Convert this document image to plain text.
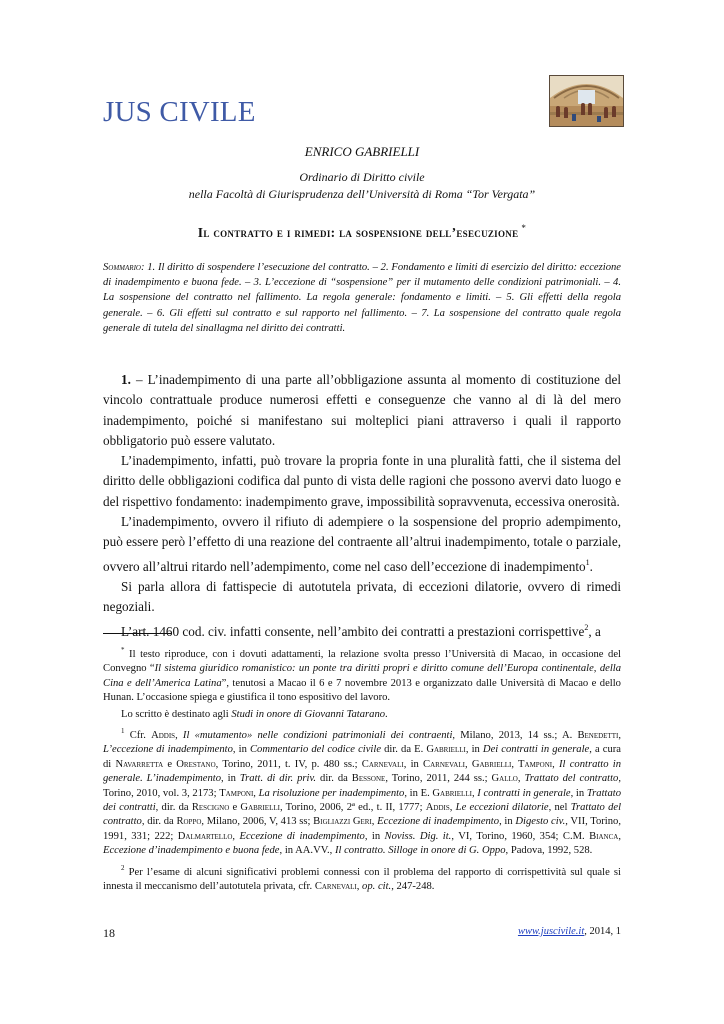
JUS CIVILE
ENRICO GABRIELLI
Ordinario di Diritto civile
nella Facoltà di Giurisprudenza dell’Università di Roma “Tor Vergata”
Il contratto e i rimedi: la sospensione dell’esecuzione *
Sommario: 1. Il diritto di sospendere l’esecuzione del contratto. – 2. Fondamento e limiti di esercizio del diritto: eccezione di inadempimento e buona fede. – 3. L’eccezione di “sospensione” per il mutamento delle condizioni patrimoniali. – 4. La sospensione del contratto nel fallimento. La regola generale: fondamento e limiti. – 5. Gli effetti della regola generale. – 6. Gli effetti sul contratto e sul rapporto nel fallimento. – 7. La sospensione del contratto quale regola generale di tutela del sinallagma nel diritto dei contratti.

1. – L’inadempimento di una parte all’obbligazione assunta al momento di costituzione del vincolo contrattuale produce numerosi effetti e conseguenze che vanno al di là del mero inadempimento, poiché si manifestano sui molteplici piani attraverso i quali il rapporto obbligatorio può essere valutato.

L’inadempimento, infatti, può trovare la propria fonte in una pluralità fatti, che il sistema del diritto delle obbligazioni codifica dal punto di vista delle ragioni che possono avervi dato luogo e del rispettivo fondamento: inadempimento grave, impossibilità sopravvenuta, eccessiva onerosità.

L’inadempimento, ovvero il rifiuto di adempiere o la sospensione del proprio adempimento, può essere però l’effetto di una reazione del contraente all’altrui inadempimento, totale o parziale, ovvero all’altrui ritardo nell’adempimento, come nel caso dell’eccezione di inadempimento$^1$.

Si parla allora di fattispecie di autotutela privata, di eccezioni dilatorie, ovvero di rimedi negoziali.

L’art. 1460 cod. civ. infatti consente, nell’ambito dei contratti a prestazioni corrispettive$^2$, a

* Il testo riproduce, con i dovuti adattamenti, la relazione svolta presso l’Università di Macao, in occasione del Convegno “Il sistema giuridico romanistico: un ponte tra diritti propri e diritto comune dell’Europa continentale, della Cina e dell’America Latina”, tenutosi a Macao il 6 e 7 novembre 2013 e organizzato dalle Università di Macao e dello Hunan. L’occasione spiega e giustifica il tono espositivo del lavoro.

Lo scritto è destinato agli Studi in onore di Giovanni Tatarano.

$^1$ Cfr. Addis, Il «mutamento» nelle condizioni patrimoniali dei contraenti, Milano, 2013, 14 ss.; A. Benedetti, L’eccezione di inadempimento, in Commentario del codice civile dir. da E. Gabrielli, in Dei contratti in generale, a cura di Navarretta e Orestano, Torino, 2011, t. IV, p. 480 ss.; Carnevali, in Carnevali, Gabrielli, Tamponi, Il contratto in generale. L’inadempimento, in Tratt. di dir. priv. dir. da Bessone, Torino, 2011, 244 ss.; Gallo, Trattato del contratto, Torino, 2010, vol. 3, 2173; Tamponi, La risoluzione per inadempimento, in E. Gabrielli, I contratti in generale, in Trattato dei contratti, dir. da Rescigno e Gabrielli, Torino, 2006, 2ª ed., t. II, 1777; Addis, Le eccezioni dilatorie, nel Trattato del contratto, dir. da Roppo, Milano, 2006, V, 413 ss; Bigliazzi Geri, Eccezione di inadempimento, in Digesto civ., VII, Torino, 1991, 331; 222; Dalmartello, Eccezione di inadempimento, in Noviss. Dig. it., VI, Torino, 1960, 354; C.M. Bianca, Eccezione d’inadempimento e buona fede, in AA.VV., Il contratto. Silloge in onore di G. Oppo, Padova, 1992, 528.

$^2$ Per l’esame di alcuni significativi problemi connessi con il problema del rapporto di corrispettività sul quale si innesta il meccanismo dell’autotutela privata, cfr. Carnevali, op. cit., 247-248.

18	www.juscivile.it, 2014, 1
